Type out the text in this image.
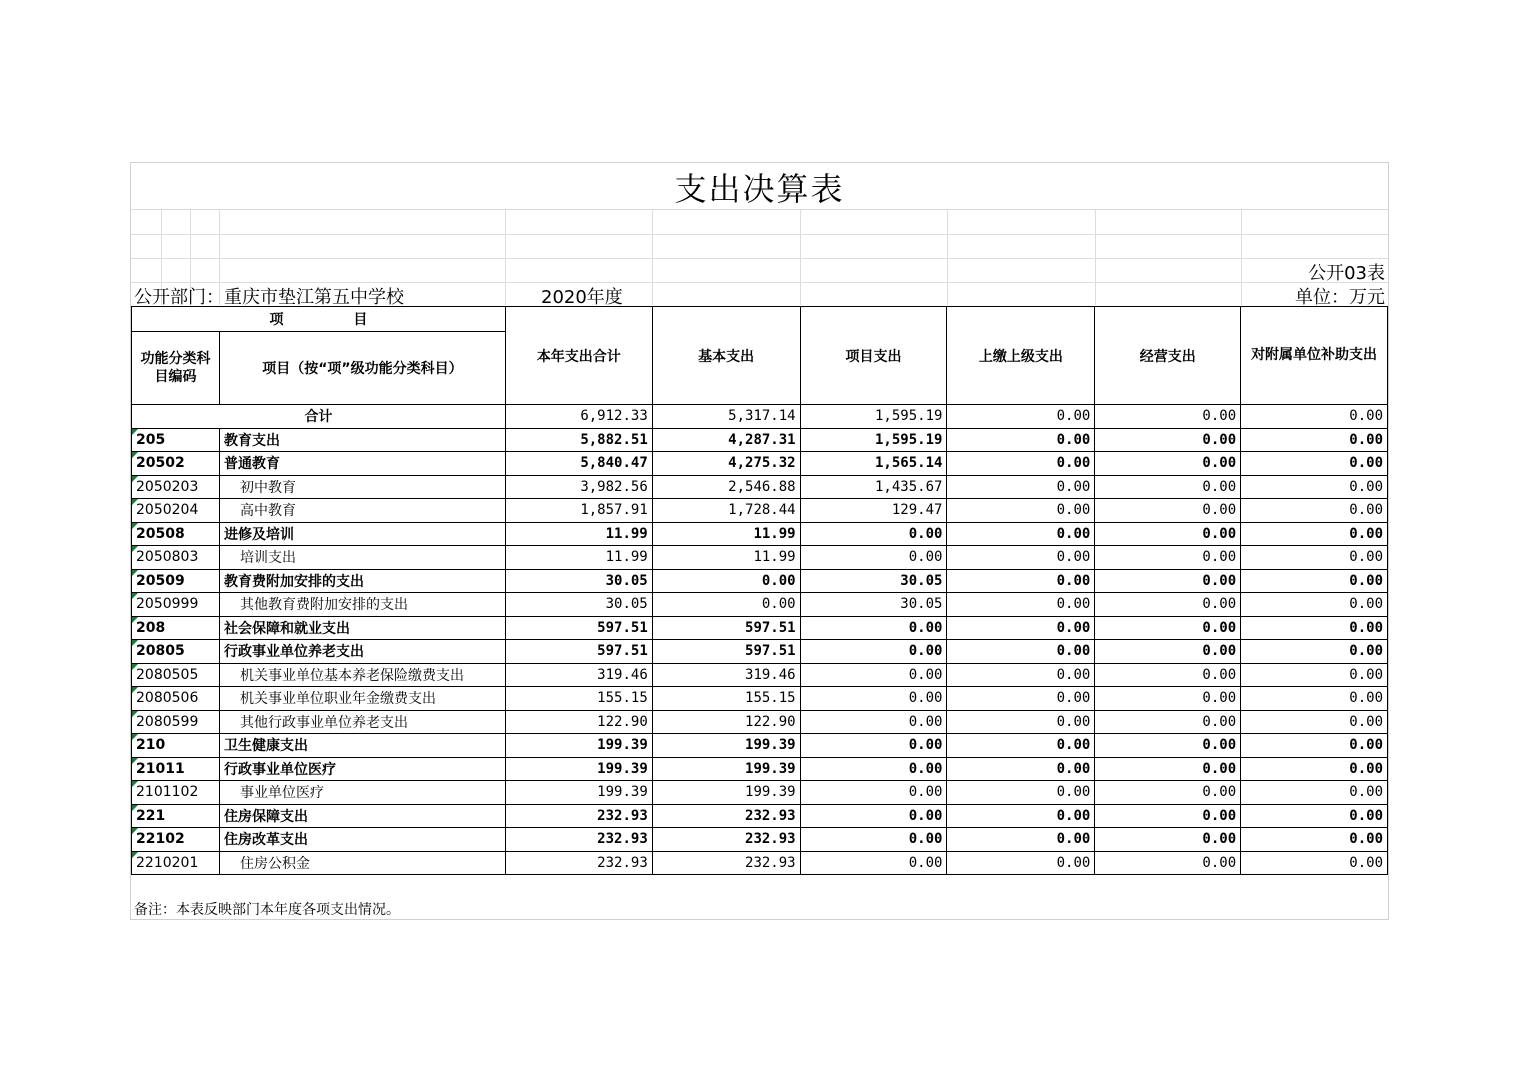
支出决算表
公开03表
公开部门：重庆市垫江第五中学校	2020年度	单位：万元
项　　　　　目		本年支出合计	基本支出	项目支出	上缴上级支出	经营支出	对附属单位补助支出
功能分类科目编码	项目（按“项”级功能分类科目）						
合计		6,912.33	5,317.14	1,595.19	0.00	0.00	0.00
205	教育支出	5,882.51	4,287.31	1,595.19	0.00	0.00	0.00
20502	普通教育	5,840.47	4,275.32	1,565.14	0.00	0.00	0.00
2050203	初中教育	3,982.56	2,546.88	1,435.67	0.00	0.00	0.00
2050204	高中教育	1,857.91	1,728.44	129.47	0.00	0.00	0.00
20508	进修及培训	11.99	11.99	0.00	0.00	0.00	0.00
2050803	培训支出	11.99	11.99	0.00	0.00	0.00	0.00
20509	教育费附加安排的支出	30.05	0.00	30.05	0.00	0.00	0.00
2050999	其他教育费附加安排的支出	30.05	0.00	30.05	0.00	0.00	0.00
208	社会保障和就业支出	597.51	597.51	0.00	0.00	0.00	0.00
20805	行政事业单位养老支出	597.51	597.51	0.00	0.00	0.00	0.00
2080505	机关事业单位基本养老保险缴费支出	319.46	319.46	0.00	0.00	0.00	0.00
2080506	机关事业单位职业年金缴费支出	155.15	155.15	0.00	0.00	0.00	0.00
2080599	其他行政事业单位养老支出	122.90	122.90	0.00	0.00	0.00	0.00
210	卫生健康支出	199.39	199.39	0.00	0.00	0.00	0.00
21011	行政事业单位医疗	199.39	199.39	0.00	0.00	0.00	0.00
2101102	事业单位医疗	199.39	199.39	0.00	0.00	0.00	0.00
221	住房保障支出	232.93	232.93	0.00	0.00	0.00	0.00
22102	住房改革支出	232.93	232.93	0.00	0.00	0.00	0.00
2210201	住房公积金	232.93	232.93	0.00	0.00	0.00	0.00
备注：本表反映部门本年度各项支出情况。
